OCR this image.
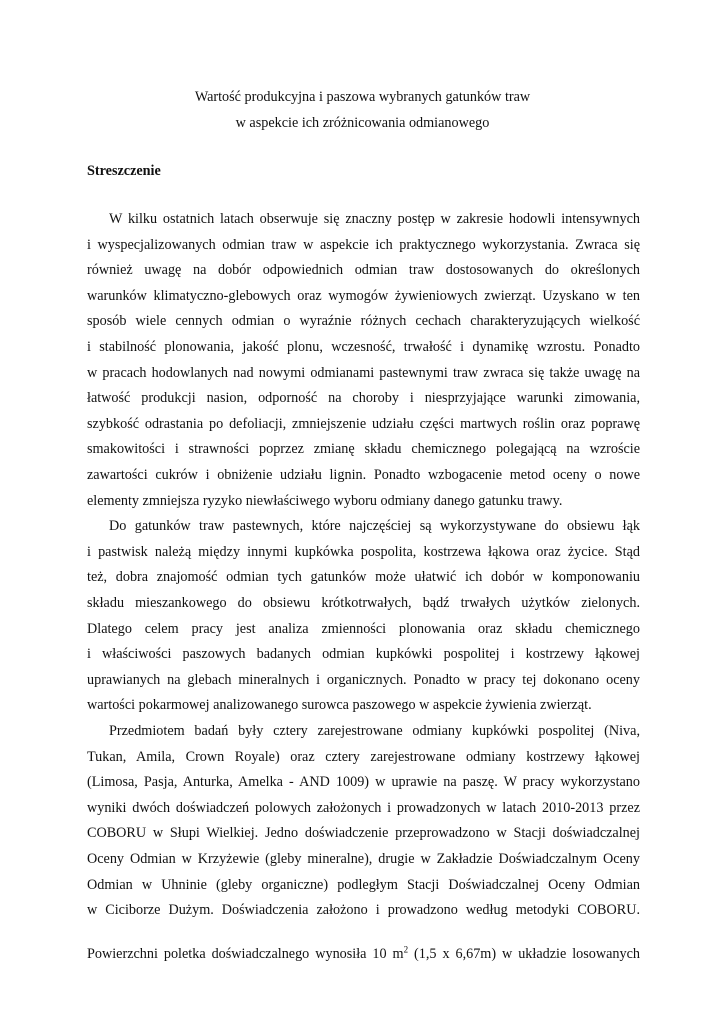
Wartość produkcyjna i paszowa wybranych gatunków traw

w aspekcie ich zróżnicowania odmianowego

Streszczenie

W kilku ostatnich latach obserwuje się znaczny postęp w zakresie hodowli intensywnych

i wyspecjalizowanych odmian traw w aspekcie ich praktycznego wykorzystania. Zwraca się

również uwagę na dobór odpowiednich odmian traw dostosowanych do określonych

warunków klimatyczno-glebowych oraz wymogów żywieniowych zwierząt. Uzyskano w ten

sposób wiele cennych odmian o wyraźnie różnych cechach charakteryzujących wielkość

i stabilność plonowania, jakość plonu, wczesność, trwałość i dynamikę wzrostu. Ponadto

w pracach hodowlanych nad nowymi odmianami pastewnymi traw zwraca się także uwagę na

łatwość produkcji nasion, odporność na choroby i niesprzyjające warunki zimowania,

szybkość odrastania po defoliacji, zmniejszenie udziału części martwych roślin oraz poprawę

smakowitości i strawności poprzez zmianę składu chemicznego polegającą na wzroście

zawartości cukrów i obniżenie udziału lignin. Ponadto wzbogacenie metod oceny o nowe

elementy zmniejsza ryzyko niewłaściwego wyboru odmiany danego gatunku trawy.

Do gatunków traw pastewnych, które najczęściej są wykorzystywane do obsiewu łąk

i pastwisk należą między innymi kupkówka pospolita, kostrzewa łąkowa oraz życice. Stąd

też, dobra znajomość odmian tych gatunków może ułatwić ich dobór w komponowaniu

składu mieszankowego do obsiewu krótkotrwałych, bądź trwałych użytków zielonych.

Dlatego celem pracy jest analiza zmienności plonowania oraz składu chemicznego

i właściwości paszowych badanych odmian kupkówki pospolitej i kostrzewy łąkowej

uprawianych na glebach mineralnych i organicznych. Ponadto w pracy tej dokonano oceny

wartości pokarmowej analizowanego surowca paszowego w aspekcie żywienia zwierząt.

Przedmiotem badań były cztery zarejestrowane odmiany kupkówki pospolitej (Niva,

Tukan, Amila, Crown Royale) oraz cztery zarejestrowane odmiany kostrzewy łąkowej

(Limosa, Pasja, Anturka, Amelka - AND 1009) w uprawie na paszę. W pracy wykorzystano

wyniki dwóch doświadczeń polowych założonych i prowadzonych w latach 2010-2013 przez

COBORU w Słupi Wielkiej. Jedno doświadczenie przeprowadzono w Stacji doświadczalnej

Oceny Odmian w Krzyżewie (gleby mineralne), drugie w Zakładzie Doświadczalnym Oceny

Odmian w Uhninie (gleby organiczne) podległym Stacji Doświadczalnej Oceny Odmian

w Ciciborze Dużym. Doświadczenia założono i prowadzono według metodyki COBORU.

Powierzchni poletka doświadczalnego wynosiła 10 $m^2$ (1,5 x 6,67m) w układzie losowanych
